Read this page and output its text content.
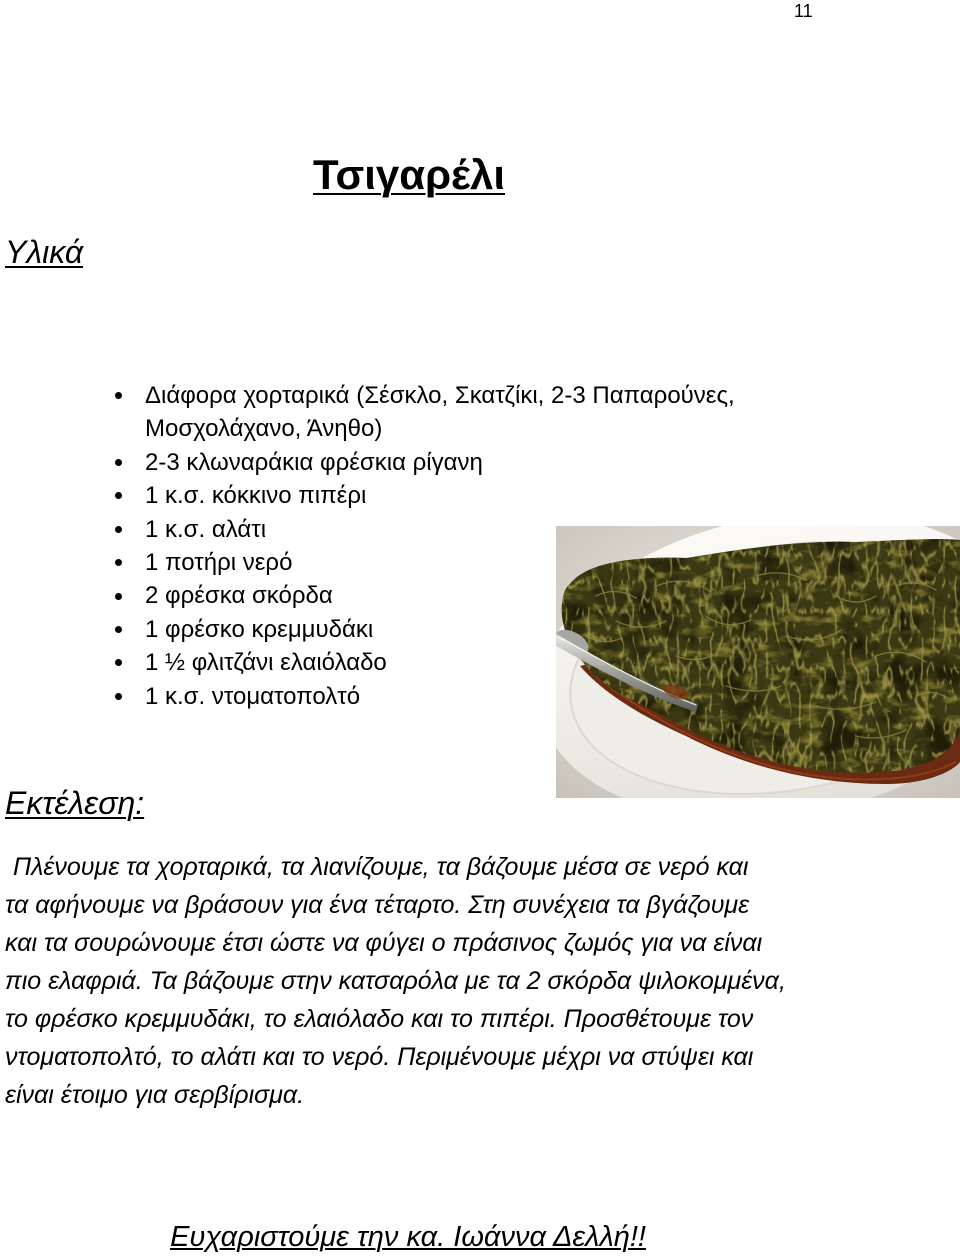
11
Τσιγαρέλι
Υλικά
Διάφορα χορταρικά (Σέσκλο, Σκατζίκι, 2-3 Παπαρούνες, Μοσχολάχανο, Άνηθο)
2-3 κλωναράκια φρέσκια ρίγανη
1 κ.σ. κόκκινο πιπέρι
1 κ.σ. αλάτι
1 ποτήρι νερό
2 φρέσκα σκόρδα
1 φρέσκο κρεμμυδάκι
1 ½ φλιτζάνι ελαιόλαδο
1 κ.σ. ντοματοπολτό
Εκτέλεση:
Πλένουμε τα χορταρικά, τα λιανίζουμε, τα βάζουμε μέσα σε νερό και
τα αφήνουμε να βράσουν για ένα τέταρτο. Στη συνέχεια τα βγάζουμε
και τα σουρώνουμε έτσι ώστε να φύγει ο πράσινος ζωμός για να είναι
πιο ελαφριά. Τα βάζουμε στην κατσαρόλα με τα 2 σκόρδα ψιλοκομμένα,
το φρέσκο κρεμμυδάκι, το ελαιόλαδο και το πιπέρι. Προσθέτουμε τον
ντοματοπολτό, το αλάτι και το νερό. Περιμένουμε μέχρι να στύψει και
είναι έτοιμο για σερβίρισμα.
Ευχαριστούμε την κα. Ιωάννα Δελλή!!
